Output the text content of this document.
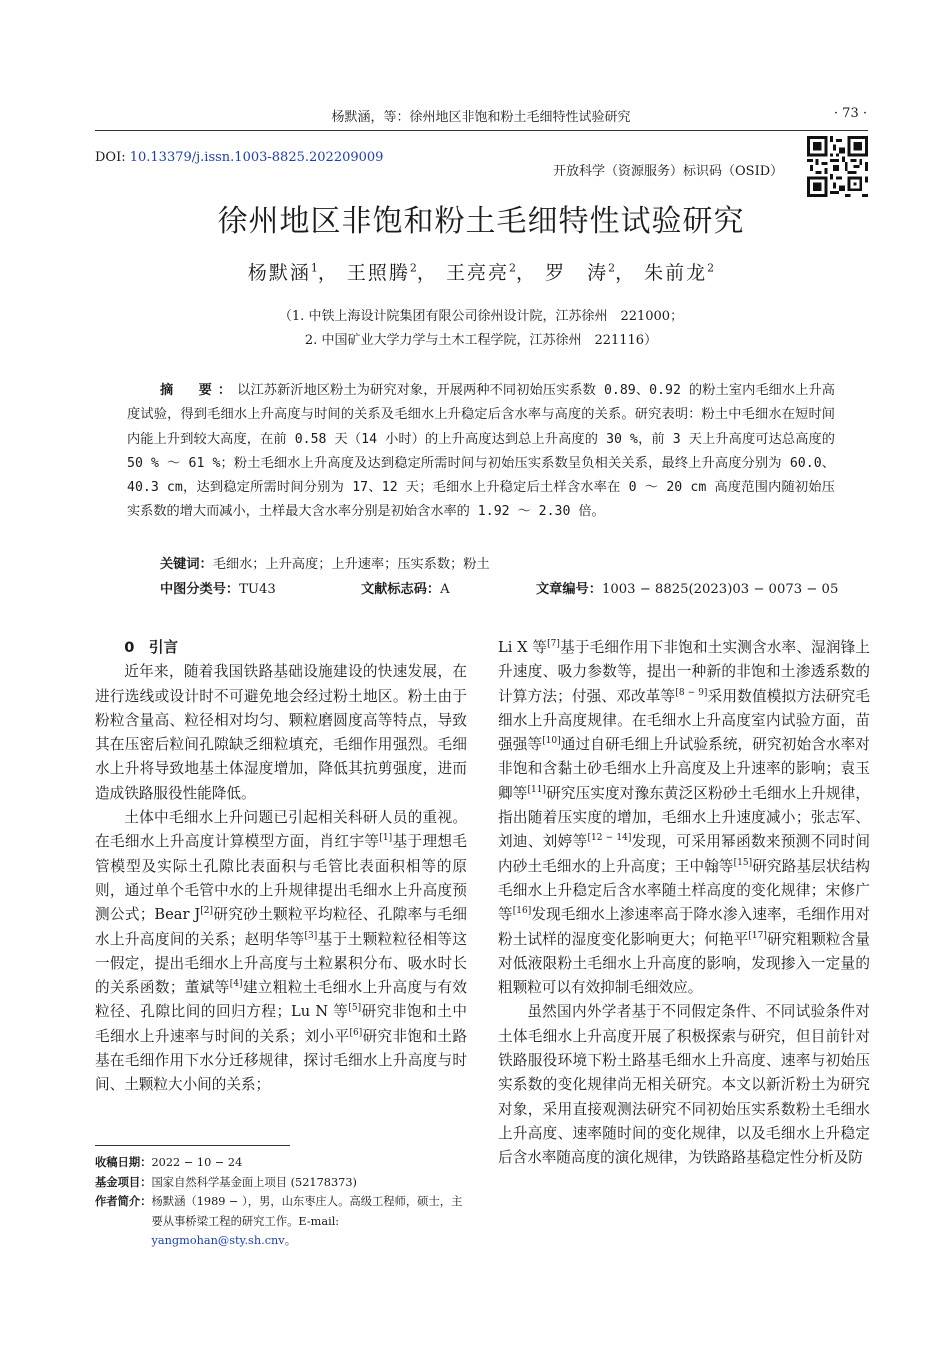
杨默涵，等：徐州地区非饱和粉土毛细特性试验研究	· 73 ·
DOI: 10.13379/j.issn.1003-8825.202209009
开放科学（资源服务）标识码（OSID）
徐州地区非饱和粉土毛细特性试验研究
杨默涵$^1$， 王照腾$^2$， 王亮亮$^2$， 罗　涛$^2$， 朱前龙$^2$
（1. 中铁上海设计院集团有限公司徐州设计院，江苏徐州　221000；
2. 中国矿业大学力学与土木工程学院，江苏徐州　221116）
摘　要：以江苏新沂地区粉土为研究对象，开展两种不同初始压实系数 0.89、0.92 的粉土室内毛细水上升高度试验，得到毛细水上升高度与时间的关系及毛细水上升稳定后含水率与高度的关系。研究表明：粉土中毛细水在短时间内能上升到较大高度，在前 0.58 天（14 小时）的上升高度达到总上升高度的 30 %，前 3 天上升高度可达总高度的 50 % ～ 61 %；粉土毛细水上升高度及达到稳定所需时间与初始压实系数呈负相关关系，最终上升高度分别为 60.0、40.3 cm，达到稳定所需时间分别为 17、12 天；毛细水上升稳定后土样含水率在 0 ～ 20 cm 高度范围内随初始压实系数的增大而减小，土样最大含水率分别是初始含水率的 1.92 ～ 2.30 倍。
关键词：毛细水；上升高度；上升速率；压实系数；粉土
中图分类号：TU43	文献标志码：A	文章编号：1003 − 8825(2023)03 − 0073 − 05

0　引言

近年来，随着我国铁路基础设施建设的快速发展，在进行选线或设计时不可避免地会经过粉土地区。粉土由于粉粒含量高、粒径相对均匀、颗粒磨圆度高等特点，导致其在压密后粒间孔隙缺乏细粒填充，毛细作用强烈。毛细水上升将导致地基土体湿度增加，降低其抗剪强度，进而造成铁路服役性能降低。

土体中毛细水上升问题已引起相关科研人员的重视。在毛细水上升高度计算模型方面，肖红宇等[1]基于理想毛管模型及实际土孔隙比表面积与毛管比表面积相等的原则，通过单个毛管中水的上升规律提出毛细水上升高度预测公式；Bear J[2]研究砂土颗粒平均粒径、孔隙率与毛细水上升高度间的关系；赵明华等[3]基于土颗粒粒径相等这一假定，提出毛细水上升高度与土粒累积分布、吸水时长的关系函数；董斌等[4]建立粗粒土毛细水上升高度与有效粒径、孔隙比间的回归方程；Lu N 等[5]研究非饱和土中毛细水上升速率与时间的关系；刘小平[6]研究非饱和土路基在毛细作用下水分迁移规律，探讨毛细水上升高度与时间、土颗粒大小间的关系；

Li X 等[7]基于毛细作用下非饱和土实测含水率、湿润锋上升速度、吸力参数等，提出一种新的非饱和土渗透系数的计算方法；付强、邓改革等[8 − 9]采用数值模拟方法研究毛细水上升高度规律。在毛细水上升高度室内试验方面，苗强强等[10]通过自研毛细上升试验系统，研究初始含水率对非饱和含黏土砂毛细水上升高度及上升速率的影响；袁玉卿等[11]研究压实度对豫东黄泛区粉砂土毛细水上升规律，指出随着压实度的增加，毛细水上升速度减小；张志军、刘迪、刘婷等[12 − 14]发现，可采用幂函数来预测不同时间内砂土毛细水的上升高度；王中翰等[15]研究路基层状结构毛细水上升稳定后含水率随土样高度的变化规律；宋修广等[16]发现毛细水上渗速率高于降水渗入速率，毛细作用对粉土试样的湿度变化影响更大；何艳平[17]研究粗颗粒含量对低液限粉土毛细水上升高度的影响，发现掺入一定量的粗颗粒可以有效抑制毛细效应。

虽然国内外学者基于不同假定条件、不同试验条件对土体毛细水上升高度开展了积极探索与研究，但目前针对铁路服役环境下粉土路基毛细水上升高度、速率与初始压实系数的变化规律尚无相关研究。本文以新沂粉土为研究对象，采用直接观测法研究不同初始压实系数粉土毛细水上升高度、速率随时间的变化规律，以及毛细水上升稳定后含水率随高度的演化规律，为铁路路基稳定性分析及防

收稿日期： 2022 − 10 − 24
基金项目： 国家自然科学基金面上项目 (52178373)
作者简介： 杨默涵（1989 − ），男，山东枣庄人。高级工程师，硕士，主要从事桥梁工程的研究工作。E-mail: yangmohan@sty.sh.cnv。
